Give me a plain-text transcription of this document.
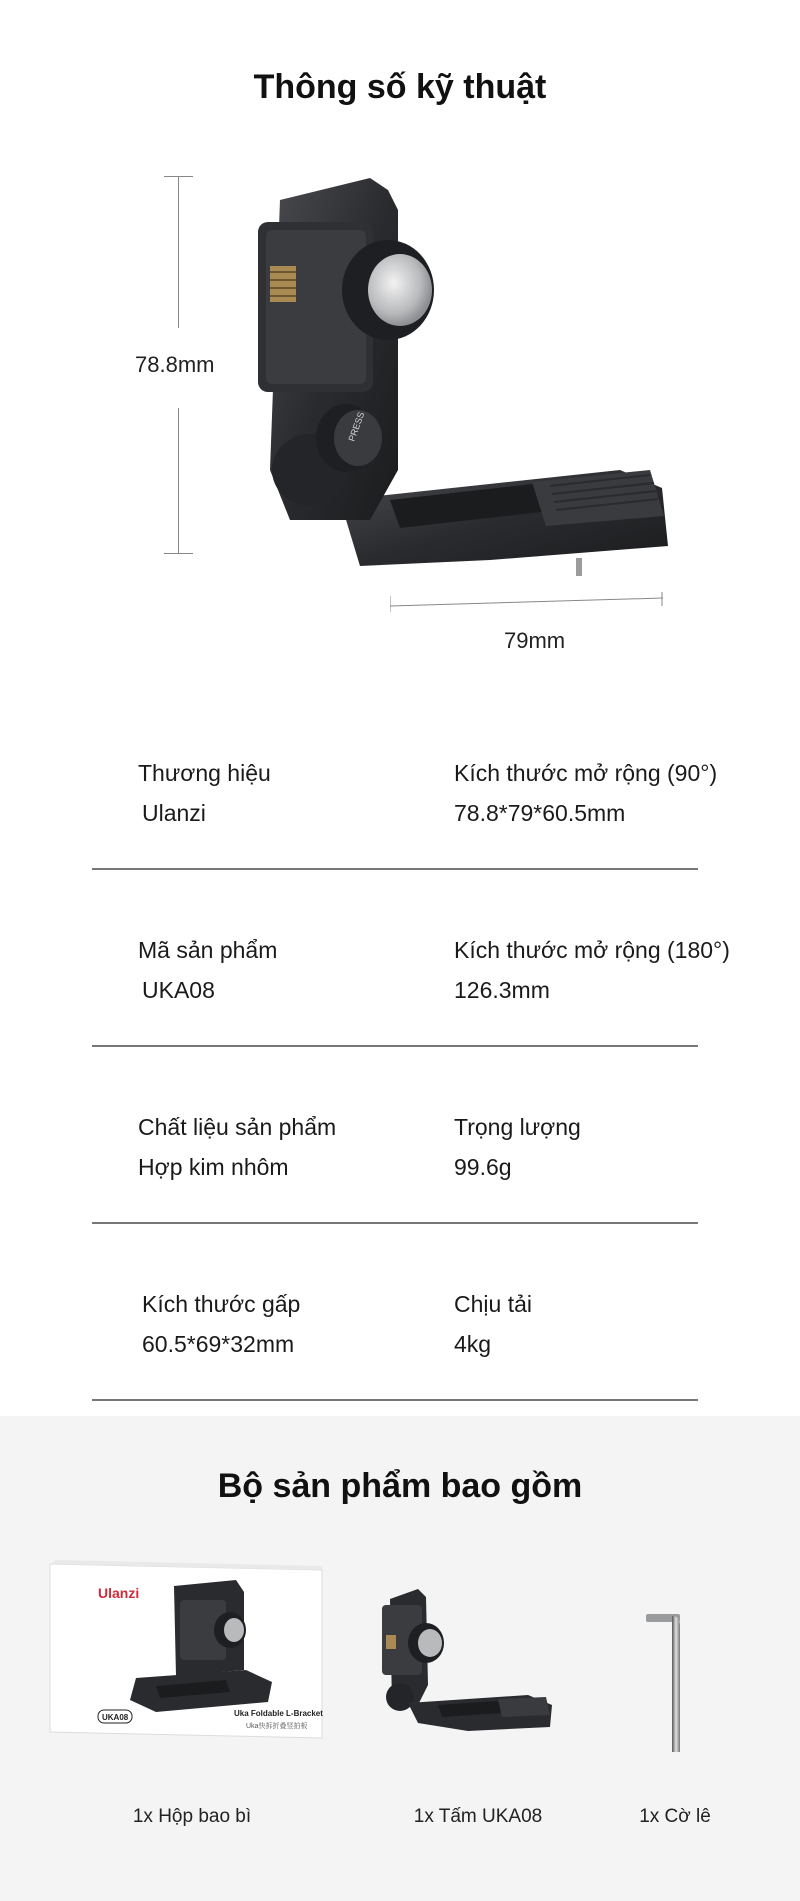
Thông số kỹ thuật
78.8mm
PRESS
79mm
Thương hiệu
Ulanzi
Kích thước mở rộng (90°)
78.8*79*60.5mm
Mã sản phẩm
UKA08
Kích thước mở rộng (180°)
126.3mm
Chất liệu sản phẩm
Hợp kim nhôm
Trọng lượng
99.6g
Kích thước gấp
60.5*69*32mm
Chịu tải
4kg
Bộ sản phẩm bao gồm
Ulanzi
Uka Foldable L-Bracket
Uka快拆折叠竖拍板
UKA08
1x Hộp bao bì	1x Tấm UKA08	1x Cờ lê
